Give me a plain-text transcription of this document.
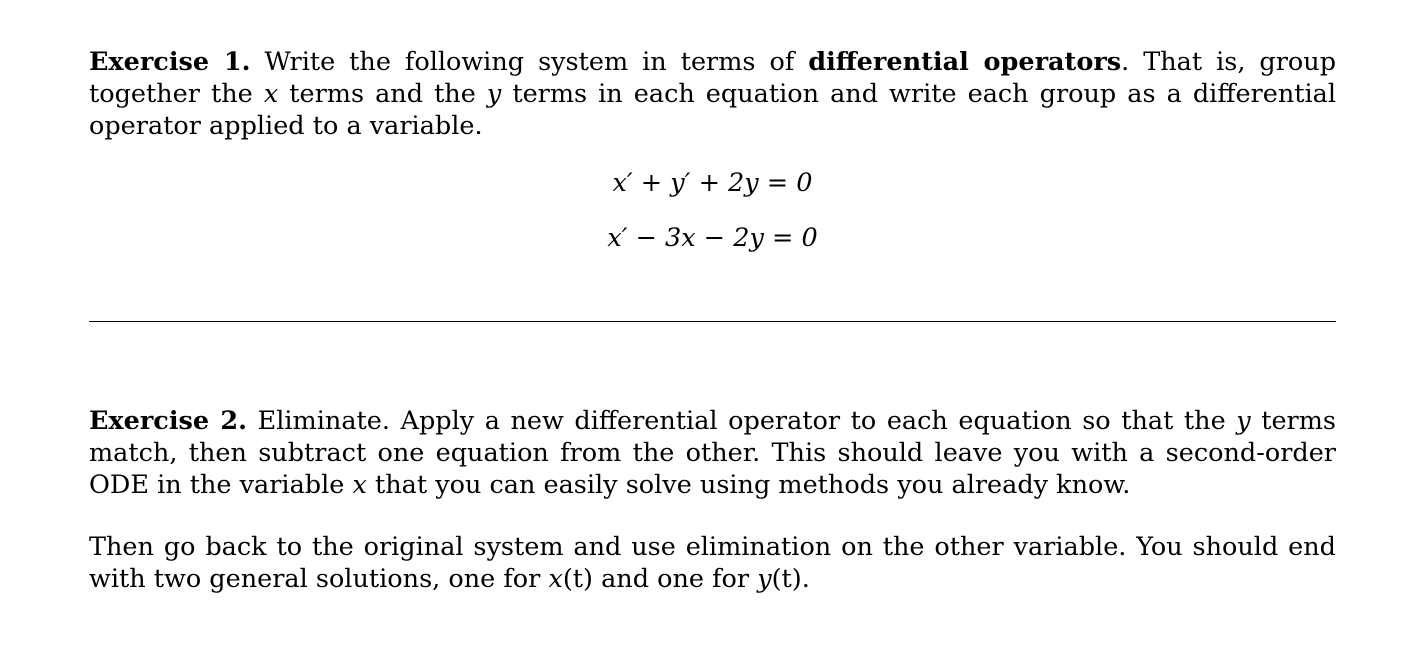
Exercise 1. Write the following system in terms of differential operators. That is, group together the x terms and the y terms in each equation and write each group as a differential operator applied to a variable.

x′ + y′ + 2y = 0
x′ − 3x − 2y = 0

Exercise 2. Eliminate. Apply a new differential operator to each equation so that the y terms match, then subtract one equation from the other. This should leave you with a second-order ODE in the variable x that you can easily solve using methods you already know.

Then go back to the original system and use elimination on the other variable. You should end with two general solutions, one for x(t) and one for y(t).
